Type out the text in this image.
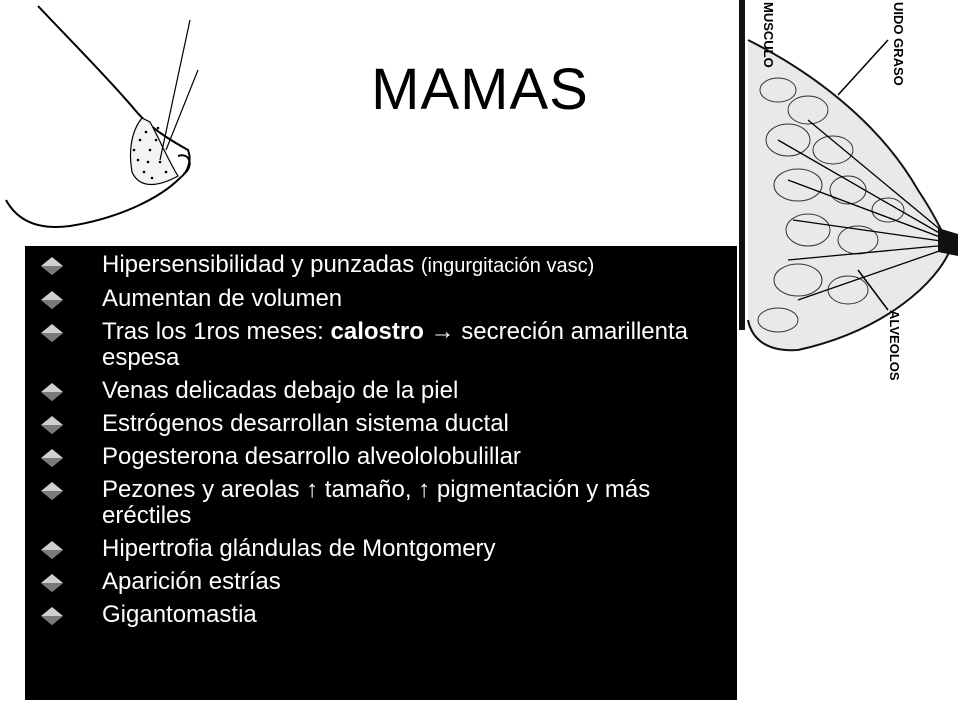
MUSCULO	UIDO GRASO
ALVEOLOS
MAMAS
Hipersensibilidad y punzadas (ingurgitación vasc)
Aumentan de volumen
Tras los 1ros meses: calostro → secreción amarillenta espesa
Venas delicadas debajo de la piel
Estrógenos desarrollan sistema ductal
Pogesterona desarrollo alveololobulillar
Pezones y areolas ↑ tamaño, ↑ pigmentación y más eréctiles
Hipertrofia glándulas de Montgomery
Aparición estrías
Gigantomastia
